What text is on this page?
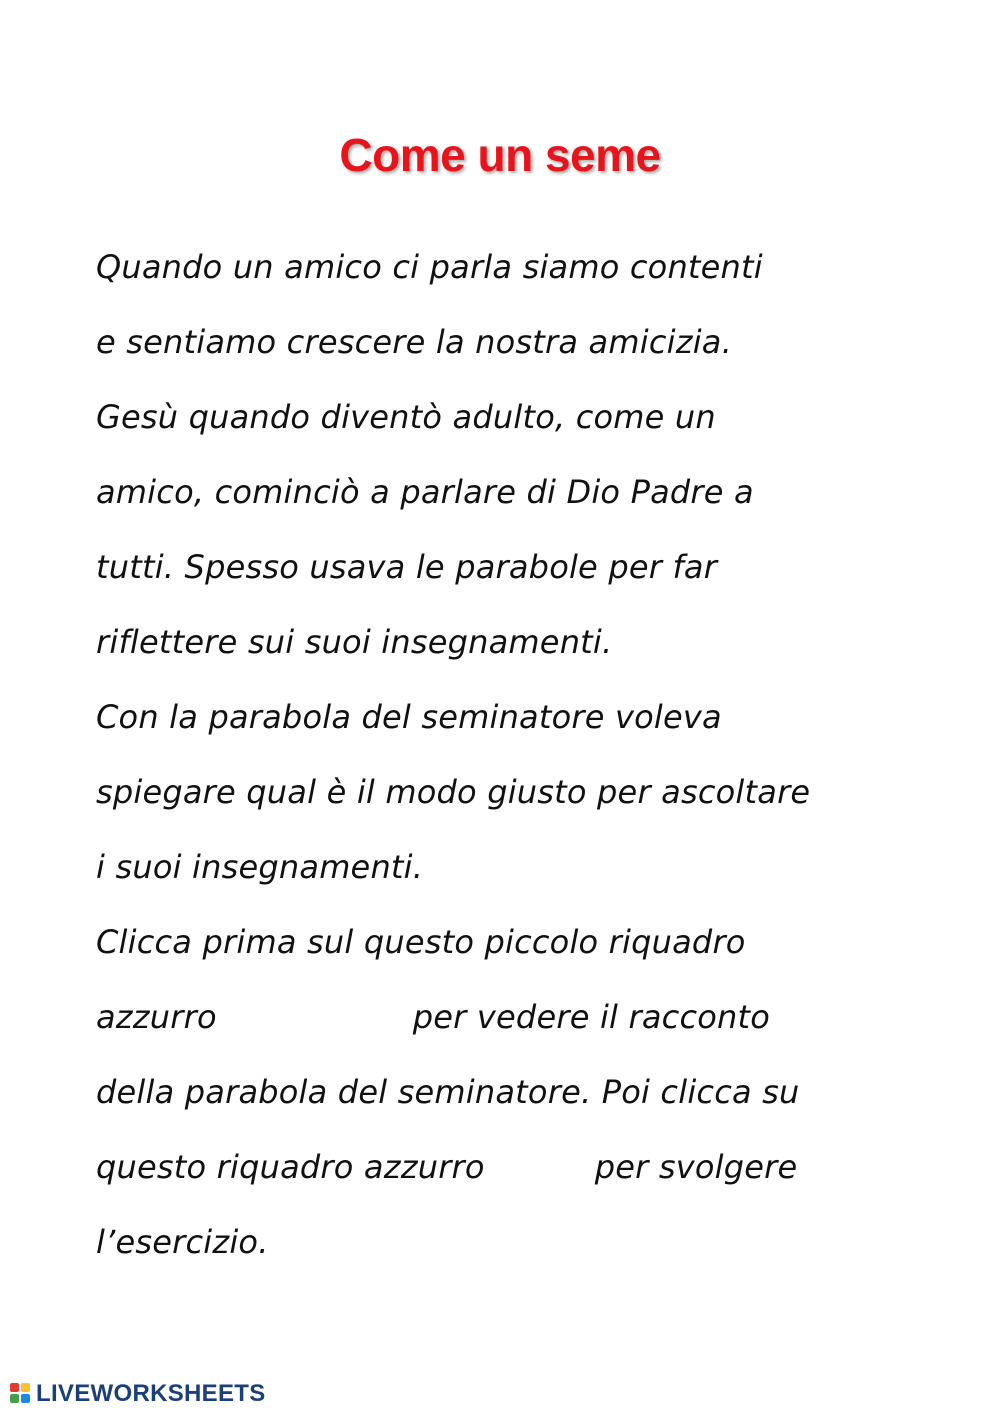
Come un seme
Quando un amico ci parla siamo contenti
e sentiamo crescere la nostra amicizia.
Gesù quando diventò adulto, come un
amico, cominciò a parlare di Dio Padre a
tutti. Spesso usava le parabole per far
riflettere sui suoi insegnamenti.
Con la parabola del seminatore voleva
spiegare qual è il modo giusto per ascoltare
i suoi insegnamenti.
Clicca prima sul questo piccolo riquadro
azzurro	per vedere il racconto
della parabola del seminatore. Poi clicca su
questo riquadro azzurro	per svolgere
l’esercizio.
LIVEWORKSHEETS
